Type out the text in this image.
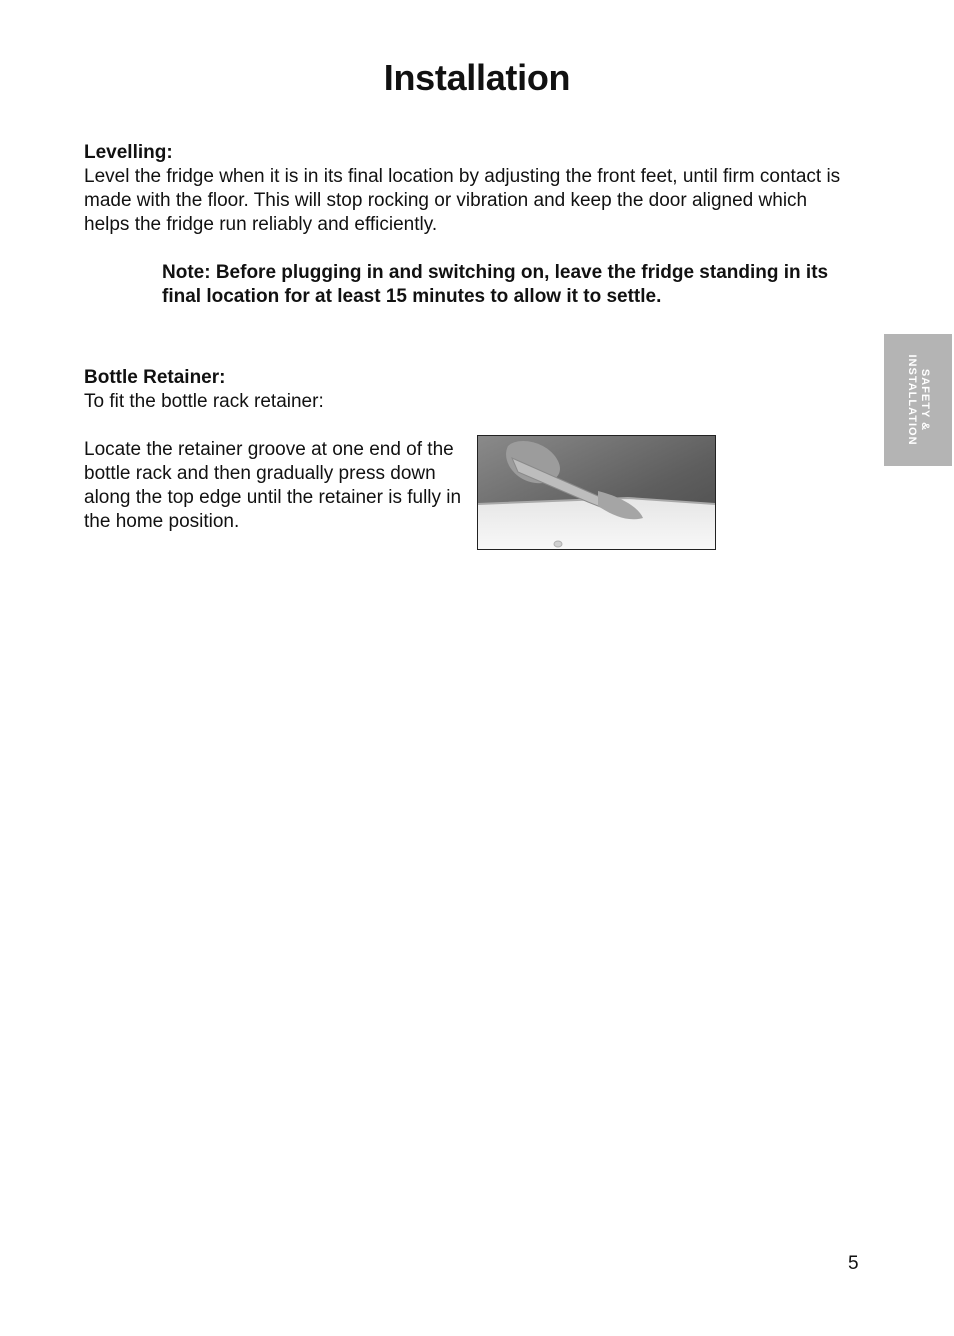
Installation

Levelling:

Level the fridge when it is in its final location by adjusting the front feet, until firm contact is made with the floor. This will stop rocking or vibration and keep the door aligned which helps the fridge run reliably and efficiently.

Note: Before plugging in and switching on, leave the fridge standing in its final location for at least 15 minutes to allow it to settle.

Bottle Retainer:

To fit the bottle rack retainer:

Locate the retainer groove at one end of the bottle rack and then gradually press down along the top edge until the retainer is fully in the home position.

SAFETY &
INSTALLATION
5
